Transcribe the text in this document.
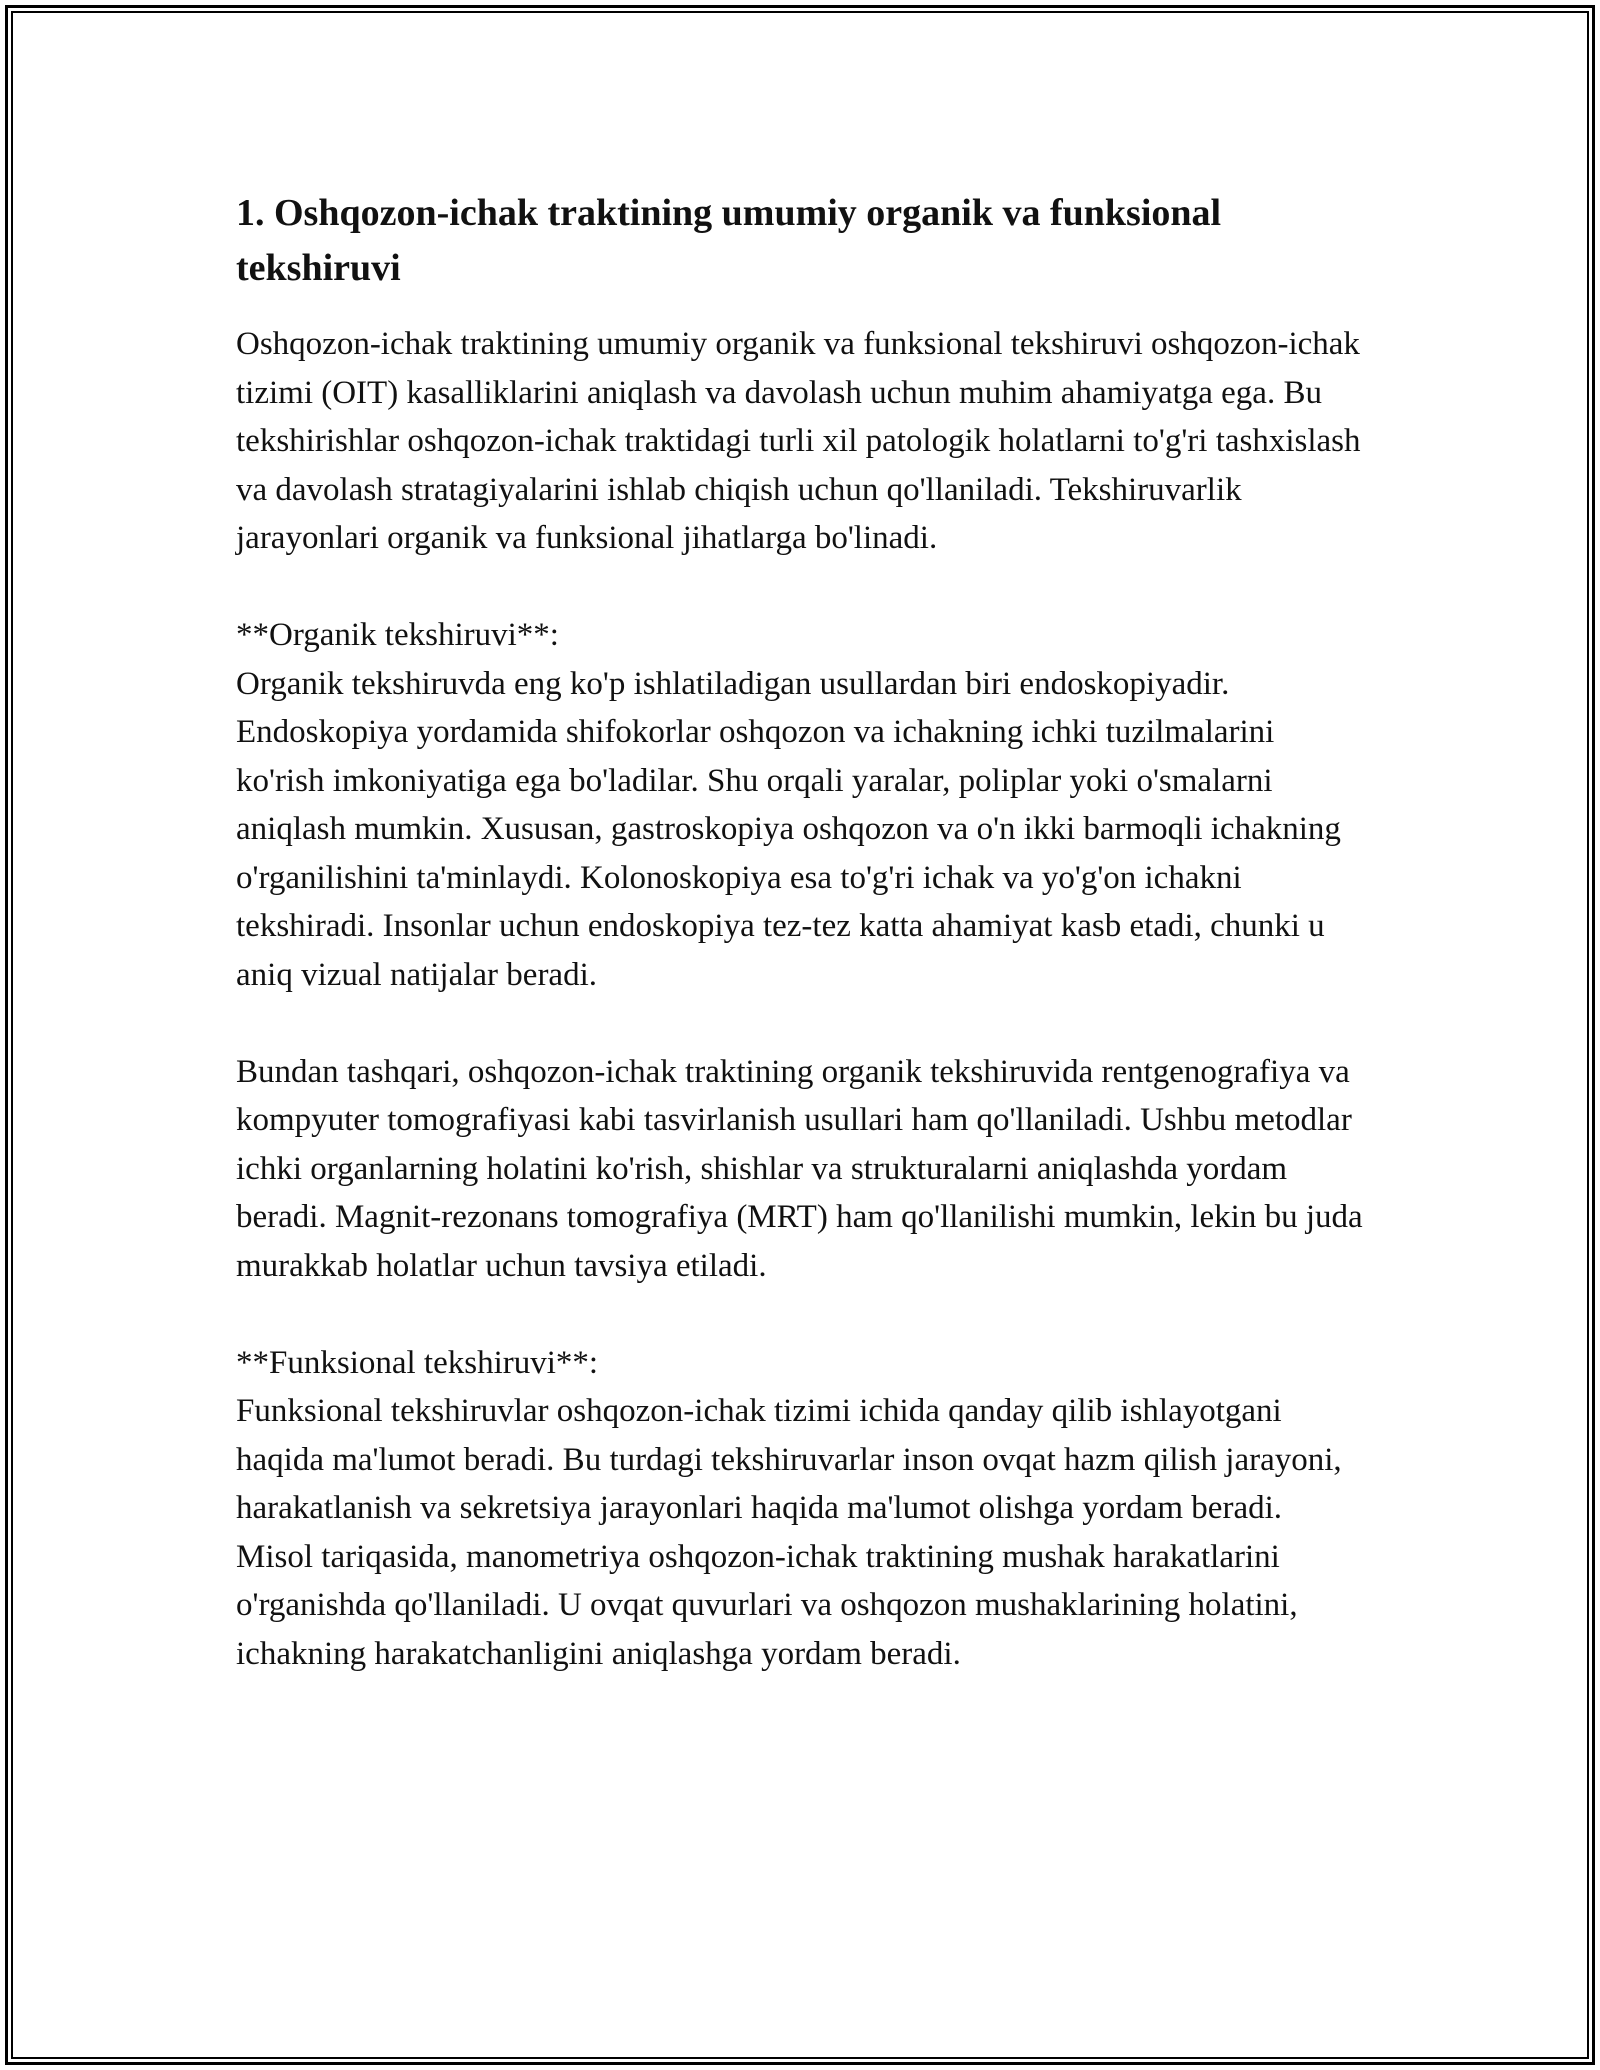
1. Oshqozon-ichak traktining umumiy organik va funksional tekshiruvi

Oshqozon-ichak traktining umumiy organik va funksional tekshiruvi oshqozon-ichak tizimi (OIT) kasalliklarini aniqlash va davolash uchun muhim ahamiyatga ega. Bu tekshirishlar oshqozon-ichak traktidagi turli xil patologik holatlarni to'g'ri tashxislash va davolash stratagiyalarini ishlab chiqish uchun qo'llaniladi. Tekshiruvarlik jarayonlari organik va funksional jihatlarga bo'linadi.

**Organik tekshiruvi**:
Organik tekshiruvda eng ko'p ishlatiladigan usullardan biri endoskopiyadir. Endoskopiya yordamida shifokorlar oshqozon va ichakning ichki tuzilmalarini ko'rish imkoniyatiga ega bo'ladilar. Shu orqali yaralar, poliplar yoki o'smalarni aniqlash mumkin. Xususan, gastroskopiya oshqozon va o'n ikki barmoqli ichakning o'rganilishini ta'minlaydi. Kolonoskopiya esa to'g'ri ichak va yo'g'on ichakni tekshiradi. Insonlar uchun endoskopiya tez-tez katta ahamiyat kasb etadi, chunki u aniq vizual natijalar beradi.

Bundan tashqari, oshqozon-ichak traktining organik tekshiruvida rentgenografiya va kompyuter tomografiyasi kabi tasvirlanish usullari ham qo'llaniladi. Ushbu metodlar ichki organlarning holatini ko'rish, shishlar va strukturalarni aniqlashda yordam beradi. Magnit-rezonans tomografiya (MRT) ham qo'llanilishi mumkin, lekin bu juda murakkab holatlar uchun tavsiya etiladi.

**Funksional tekshiruvi**:
Funksional tekshiruvlar oshqozon-ichak tizimi ichida qanday qilib ishlayotgani haqida ma'lumot beradi. Bu turdagi tekshiruvarlar inson ovqat hazm qilish jarayoni, harakatlanish va sekretsiya jarayonlari haqida ma'lumot olishga yordam beradi. Misol tariqasida, manometriya oshqozon-ichak traktining mushak harakatlarini o'rganishda qo'llaniladi. U ovqat quvurlari va oshqozon mushaklarining holatini, ichakning harakatchanligini aniqlashga yordam beradi.
